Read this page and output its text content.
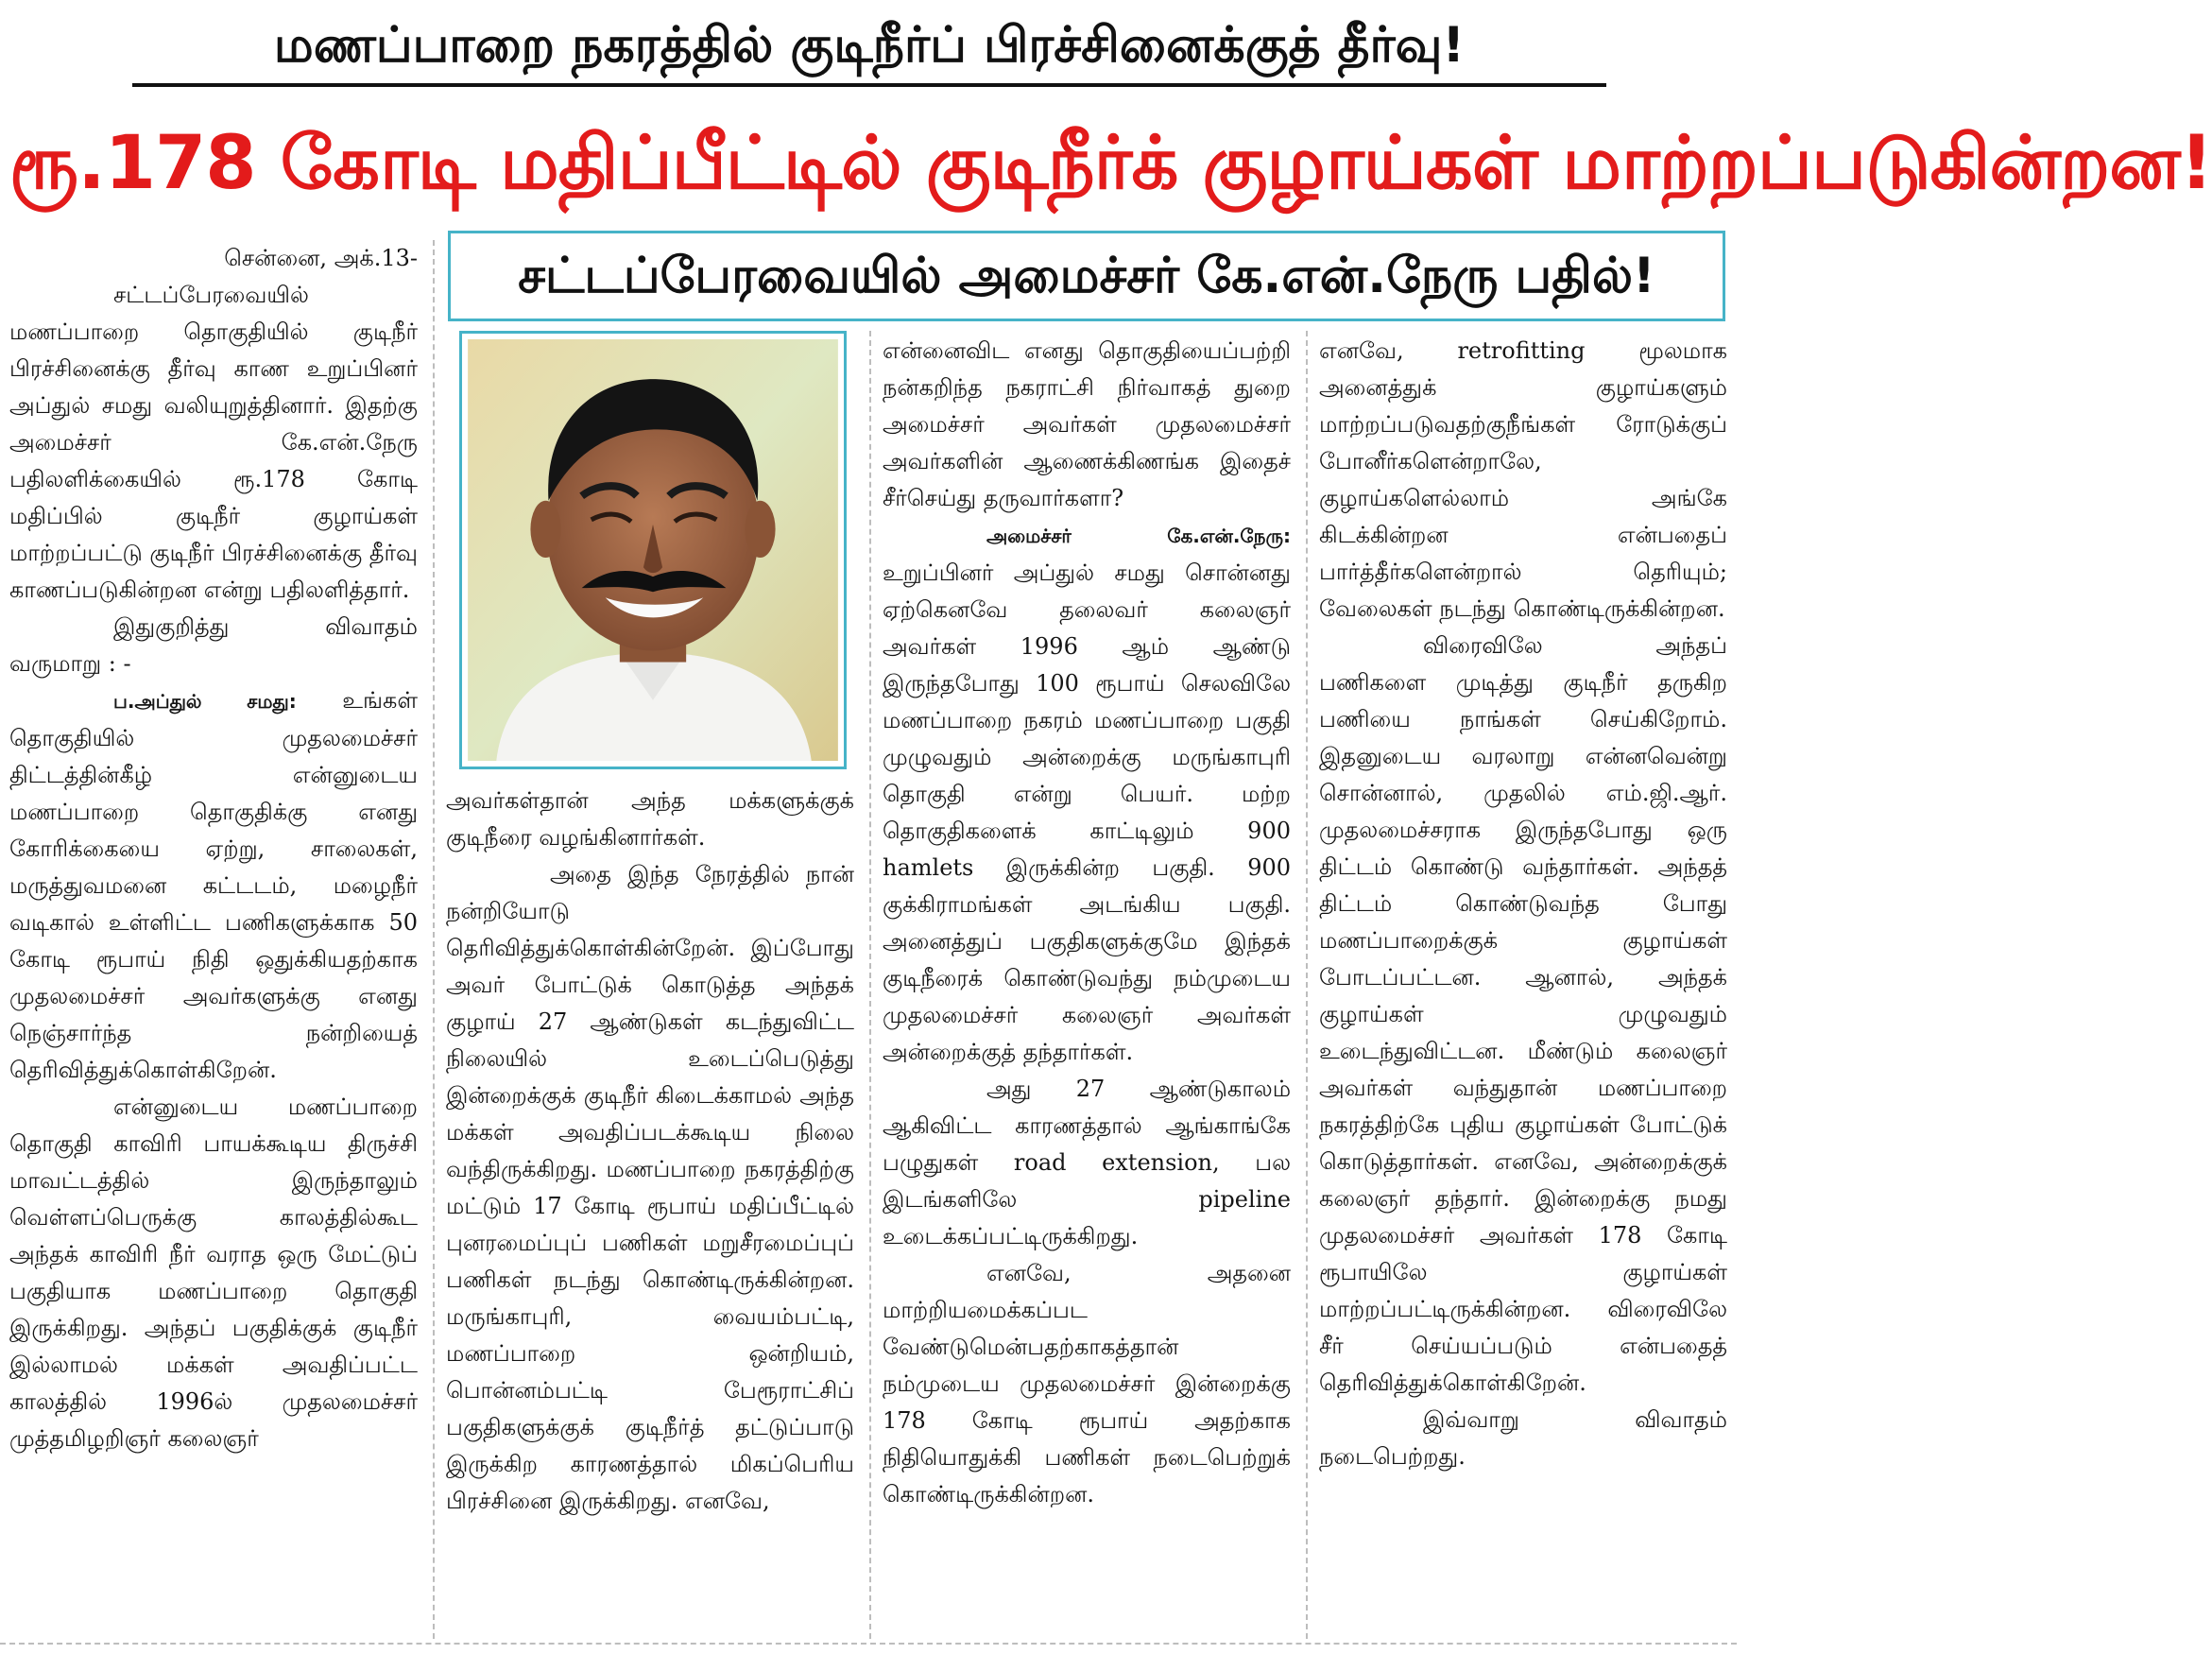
மணப்பாறை நகரத்தில் குடிநீர்ப் பிரச்சினைக்குத் தீர்வு!
ரூ.178 கோடி மதிப்பீட்டில் குடிநீர்க் குழாய்கள் மாற்றப்படுகின்றன!
சட்டப்பேரவையில் அமைச்சர் கே.என்.நேரு பதில்!

சென்னை, அக்.13-

சட்டப்பேரவையில் மணப்பாறை தொகுதியில் குடிநீர் பிரச்சினைக்கு தீர்வு காண உறுப்பினர் அப்துல் சமது வலியுறுத்தினார். இதற்கு அமைச்சர் கே.என்.நேரு பதிலளிக்கையில் ரூ.178 கோடி மதிப்பில் குடிநீர் குழாய்கள் மாற்றப்பட்டு குடிநீர் பிரச்சினைக்கு தீர்வு காணப்படுகின்றன என்று பதிலளித்தார்.

இதுகுறித்து விவாதம் வருமாறு : -

ப.அப்துல் சமது: உங்கள் தொகுதியில் முதலமைச்சர் திட்டத்தின்கீழ் என்னுடைய மணப்பாறை தொகுதிக்கு எனது கோரிக்கையை ஏற்று, சாலைகள், மருத்துவமனை கட்டடம், மழைநீர் வடிகால் உள்ளிட்ட பணிகளுக்காக 50 கோடி ரூபாய் நிதி ஒதுக்கியதற்காக முதலமைச்சர் அவர்களுக்கு எனது நெஞ்சார்ந்த நன்றியைத் தெரிவித்துக்கொள்கிறேன்.

என்னுடைய மணப்பாறை தொகுதி காவிரி பாயக்கூடிய திருச்சி மாவட்டத்தில் இருந்தாலும் வெள்ளப்பெருக்கு காலத்தில்கூட அந்தக் காவிரி நீர் வராத ஒரு மேட்டுப் பகுதியாக மணப்பாறை தொகுதி இருக்கிறது. அந்தப் பகுதிக்குக் குடிநீர் இல்லாமல் மக்கள் அவதிப்பட்ட காலத்தில் 1996ல் முதலமைச்சர் முத்தமிழறிஞர் கலைஞர்

அவர்கள்தான் அந்த மக்களுக்குக் குடிநீரை வழங்கினார்கள்.

அதை இந்த நேரத்தில் நான் நன்றியோடு தெரிவித்துக்கொள்கின்றேன். இப்போது அவர் போட்டுக் கொடுத்த அந்தக் குழாய் 27 ஆண்டுகள் கடந்துவிட்ட நிலையில் உடைப்பெடுத்து இன்றைக்குக் குடிநீர் கிடைக்காமல் அந்த மக்கள் அவதிப்படக்கூடிய நிலை வந்திருக்கிறது. மணப்பாறை நகரத்திற்கு மட்டும் 17 கோடி ரூபாய் மதிப்பீட்டில் புனரமைப்புப் பணிகள் மறுசீரமைப்புப் பணிகள் நடந்து கொண்டிருக்கின்றன. மருங்காபுரி, வையம்பட்டி, மணப்பாறை ஒன்றியம், பொன்னம்பட்டி பேரூராட்சிப் பகுதிகளுக்குக் குடிநீர்த் தட்டுப்பாடு இருக்கிற காரணத்தால் மிகப்பெரிய பிரச்சினை இருக்கிறது. எனவே,

என்னைவிட எனது தொகுதியைப்பற்றி நன்கறிந்த நகராட்சி நிர்வாகத் துறை அமைச்சர் அவர்கள் முதலமைச்சர் அவர்களின் ஆணைக்கிணங்க இதைச் சீர்செய்து தருவார்களா?

அமைச்சர் கே.என்.நேரு: உறுப்பினர் அப்துல் சமது சொன்னது ஏற்கெனவே தலைவர் கலைஞர் அவர்கள் 1996 ஆம் ஆண்டு இருந்தபோது 100 ரூபாய் செலவிலே மணப்பாறை நகரம் மணப்பாறை பகுதி முழுவதும் அன்றைக்கு மருங்காபுரி தொகுதி என்று பெயர். மற்ற தொகுதிகளைக் காட்டிலும் 900 hamlets இருக்கின்ற பகுதி. 900 குக்கிராமங்கள் அடங்கிய பகுதி. அனைத்துப் பகுதிகளுக்குமே இந்தக் குடிநீரைக் கொண்டுவந்து நம்முடைய முதலமைச்சர் கலைஞர் அவர்கள் அன்றைக்குத் தந்தார்கள்.

அது 27 ஆண்டுகாலம் ஆகிவிட்ட காரணத்தால் ஆங்காங்கே பழுதுகள் road extension, பல இடங்களிலே pipeline உடைக்கப்பட்டிருக்கிறது.

எனவே, அதனை மாற்றியமைக்கப்பட வேண்டுமென்பதற்காகத்தான் நம்முடைய முதலமைச்சர் இன்றைக்கு 178 கோடி ரூபாய் அதற்காக நிதியொதுக்கி பணிகள் நடைபெற்றுக் கொண்டிருக்கின்றன.

எனவே, retrofitting மூலமாக அனைத்துக் குழாய்களும் மாற்றப்படுவதற்குநீங்கள் ரோடுக்குப் போனீர்களென்றாலே, குழாய்களெல்லாம் அங்கே கிடக்கின்றன என்பதைப் பார்த்தீர்களென்றால் தெரியும்; வேலைகள் நடந்து கொண்டிருக்கின்றன.

விரைவிலே அந்தப் பணிகளை முடித்து குடிநீர் தருகிற பணியை நாங்கள் செய்கிறோம். இதனுடைய வரலாறு என்னவென்று சொன்னால், முதலில் எம்.ஜி.ஆர். முதலமைச்சராக இருந்தபோது ஒரு திட்டம் கொண்டு வந்தார்கள். அந்தத் திட்டம் கொண்டுவந்த போது மணப்பாறைக்குக் குழாய்கள் போடப்பட்டன. ஆனால், அந்தக் குழாய்கள் முழுவதும் உடைந்துவிட்டன. மீண்டும் கலைஞர் அவர்கள் வந்துதான் மணப்பாறை நகரத்திற்கே புதிய குழாய்கள் போட்டுக் கொடுத்தார்கள். எனவே, அன்றைக்குக் கலைஞர் தந்தார். இன்றைக்கு நமது முதலமைச்சர் அவர்கள் 178 கோடி ரூபாயிலே குழாய்கள் மாற்றப்பட்டிருக்கின்றன. விரைவிலே சீர் செய்யப்படும் என்பதைத் தெரிவித்துக்கொள்கிறேன்.

இவ்வாறு விவாதம் நடைபெற்றது.
